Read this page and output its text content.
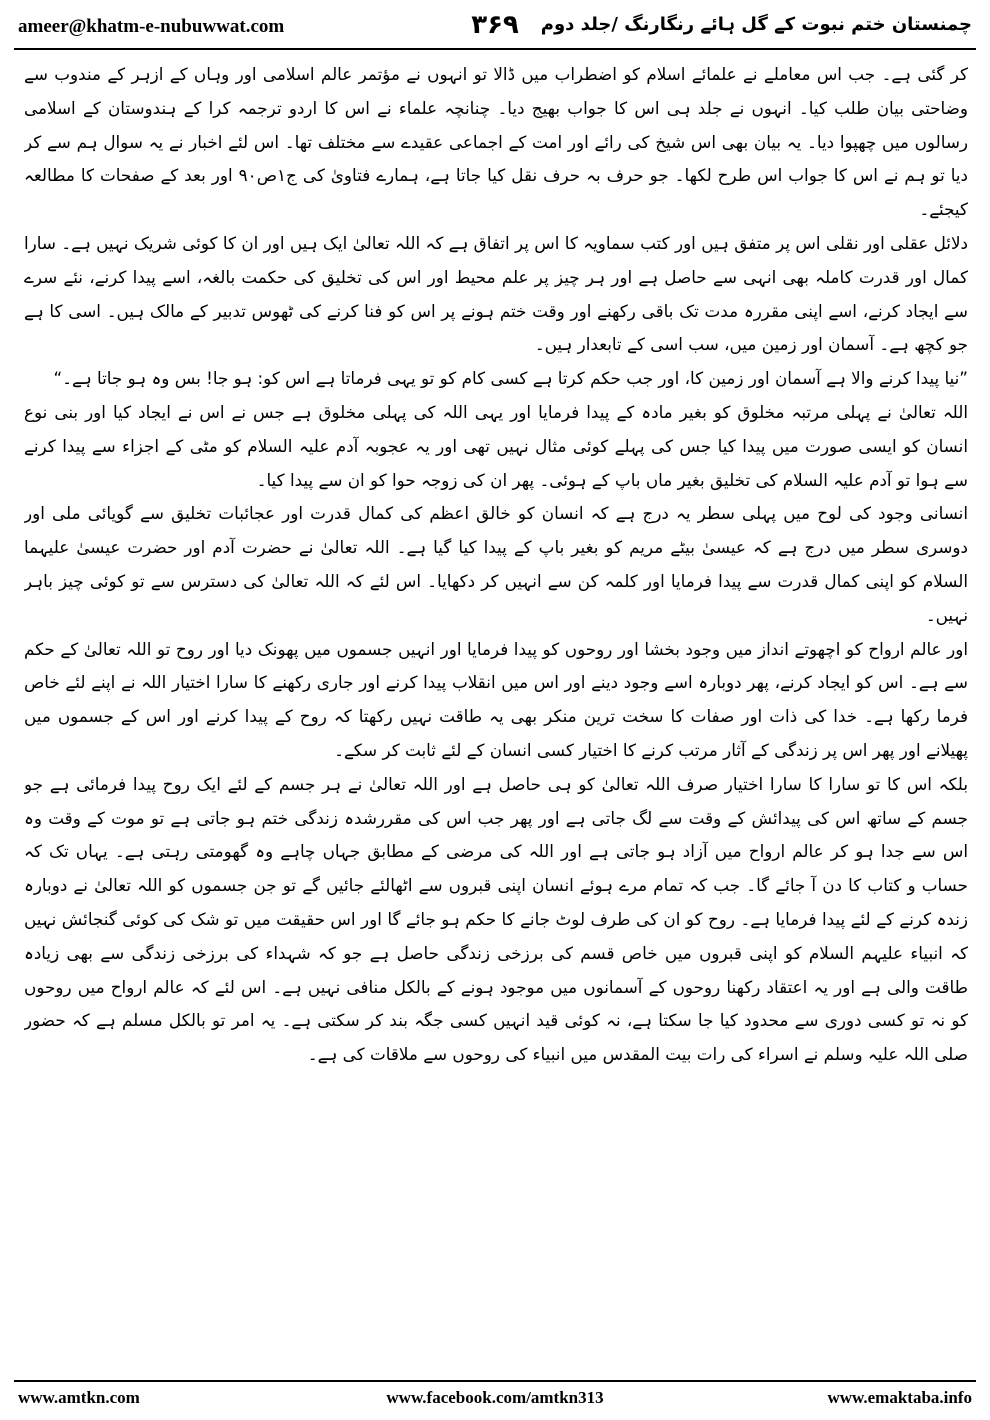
ameer@khatm-e-nubuwwat.com	۳۶۹ چمنستان ختم نبوت کے گل ہائے رنگارنگ /جلد دوم

کر گئی ہے۔ جب اس معاملے نے علمائے اسلام کو اضطراب میں ڈالا تو انہوں نے مؤتمر عالم اسلامی اور وہاں کے ازہر کے مندوب سے وضاحتی بیان طلب کیا۔ انہوں نے جلد ہی اس کا جواب بھیج دیا۔ چنانچہ علماء نے اس کا اردو ترجمہ کرا کے ہندوستان کے اسلامی رسالوں میں چھپوا دیا۔ یہ بیان بھی اس شیخ کی رائے اور امت کے اجماعی عقیدے سے مختلف تھا۔ اس لئے اخبار نے یہ سوال ہم سے کر دیا تو ہم نے اس کا جواب اس طرح لکھا۔ جو حرف بہ حرف نقل کیا جاتا ہے، ہمارے فتاویٰ کی ج۱ص۹۰ اور بعد کے صفحات کا مطالعہ کیجئے۔

دلائل عقلی اور نقلی اس پر متفق ہیں اور کتب سماویہ کا اس پر اتفاق ہے کہ اللہ تعالیٰ ایک ہیں اور ان کا کوئی شریک نہیں ہے۔ سارا کمال اور قدرت کاملہ بھی انہی سے حاصل ہے اور ہر چیز پر علم محیط اور اس کی تخلیق کی حکمت بالغہ، اسے پیدا کرنے، نئے سرے سے ایجاد کرنے، اسے اپنی مقررہ مدت تک باقی رکھنے اور وقت ختم ہونے پر اس کو فنا کرنے کی ٹھوس تدبیر کے مالک ہیں۔ اسی کا ہے جو کچھ ہے۔ آسمان اور زمین میں، سب اسی کے تابعدار ہیں۔

”نیا پیدا کرنے والا ہے آسمان اور زمین کا، اور جب حکم کرتا ہے کسی کام کو تو یہی فرماتا ہے اس کو: ہو جا! بس وہ ہو جاتا ہے۔“

اللہ تعالیٰ نے پہلی مرتبہ مخلوق کو بغیر مادہ کے پیدا فرمایا اور یہی اللہ کی پہلی مخلوق ہے جس نے اس نے ایجاد کیا اور بنی نوع انسان کو ایسی صورت میں پیدا کیا جس کی پہلے کوئی مثال نہیں تھی اور یہ عجوبہ آدم علیہ السلام کو مٹی کے اجزاء سے پیدا کرنے سے ہوا تو آدم علیہ السلام کی تخلیق بغیر ماں باپ کے ہوئی۔ پھر ان کی زوجہ حوا کو ان سے پیدا کیا۔

انسانی وجود کی لوح میں پہلی سطر یہ درج ہے کہ انسان کو خالق اعظم کی کمال قدرت اور عجائبات تخلیق سے گویائی ملی اور دوسری سطر میں درج ہے کہ عیسیٰ بیٹے مریم کو بغیر باپ کے پیدا کیا گیا ہے۔ اللہ تعالیٰ نے حضرت آدم اور حضرت عیسیٰ علیہما السلام کو اپنی کمال قدرت سے پیدا فرمایا اور کلمہ کن سے انہیں کر دکھایا۔ اس لئے کہ اللہ تعالیٰ کی دسترس سے تو کوئی چیز باہر نہیں۔

اور عالم ارواح کو اچھوتے انداز میں وجود بخشا اور روحوں کو پیدا فرمایا اور انہیں جسموں میں پھونک دیا اور روح تو اللہ تعالیٰ کے حکم سے ہے۔ اس کو ایجاد کرنے، پھر دوبارہ اسے وجود دینے اور اس میں انقلاب پیدا کرنے اور جاری رکھنے کا سارا اختیار اللہ نے اپنے لئے خاص فرما رکھا ہے۔ خدا کی ذات اور صفات کا سخت ترین منکر بھی یہ طاقت نہیں رکھتا کہ روح کے پیدا کرنے اور اس کے جسموں میں پھیلانے اور پھر اس پر زندگی کے آثار مرتب کرنے کا اختیار کسی انسان کے لئے ثابت کر سکے۔

بلکہ اس کا تو سارا کا سارا اختیار صرف اللہ تعالیٰ کو ہی حاصل ہے اور اللہ تعالیٰ نے ہر جسم کے لئے ایک روح پیدا فرمائی ہے جو جسم کے ساتھ اس کی پیدائش کے وقت سے لگ جاتی ہے اور پھر جب اس کی مقررشدہ زندگی ختم ہو جاتی ہے تو موت کے وقت وہ اس سے جدا ہو کر عالم ارواح میں آزاد ہو جاتی ہے اور اللہ کی مرضی کے مطابق جہاں چاہے وہ گھومتی رہتی ہے۔ یہاں تک کہ حساب و کتاب کا دن آ جائے گا۔ جب کہ تمام مرے ہوئے انسان اپنی قبروں سے اٹھالئے جائیں گے تو جن جسموں کو اللہ تعالیٰ نے دوبارہ زندہ کرنے کے لئے پیدا فرمایا ہے۔ روح کو ان کی طرف لوٹ جانے کا حکم ہو جائے گا اور اس حقیقت میں تو شک کی کوئی گنجائش نہیں کہ انبیاء علیہم السلام کو اپنی قبروں میں خاص قسم کی برزخی زندگی حاصل ہے جو کہ شہداء کی برزخی زندگی سے بھی زیادہ طاقت والی ہے اور یہ اعتقاد رکھنا روحوں کے آسمانوں میں موجود ہونے کے بالکل منافی نہیں ہے۔ اس لئے کہ عالم ارواح میں روحوں کو نہ تو کسی دوری سے محدود کیا جا سکتا ہے، نہ کوئی قید انہیں کسی جگہ بند کر سکتی ہے۔ یہ امر تو بالکل مسلم ہے کہ حضور صلی اللہ علیہ وسلم نے اسراء کی رات بیت المقدس میں انبیاء کی روحوں سے ملاقات کی ہے۔

www.amtkn.com	www.facebook.com/amtkn313	www.emaktaba.info
